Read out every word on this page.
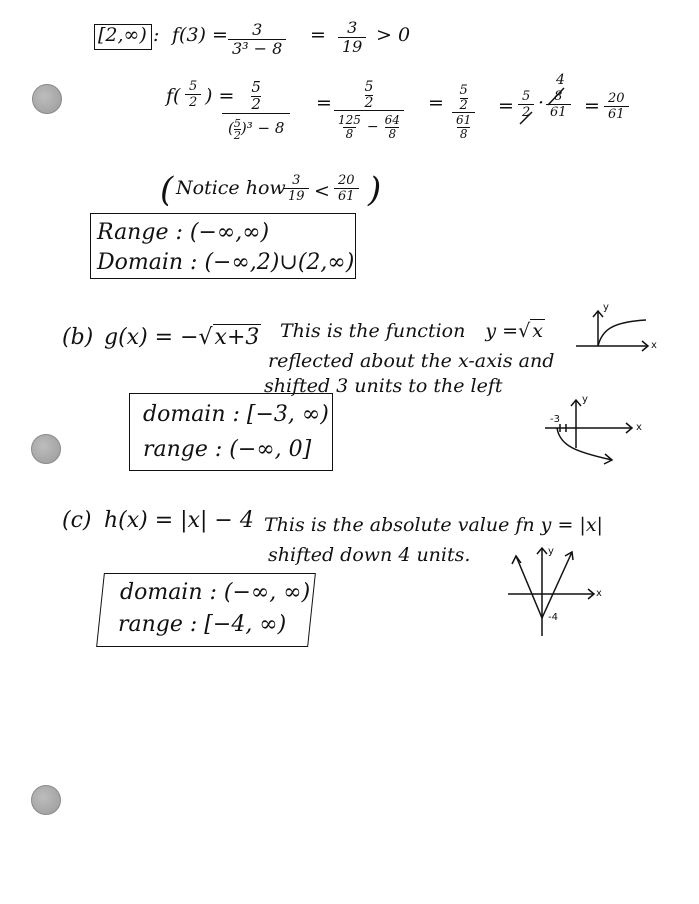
[2,∞) : $f(3) = \frac{3}{\text{3³ − 8}} = \frac{3}{19} > 0$
$f( \frac{5}{2}$ ) =
$\frac{\frac{5}{2}}{( \frac{5}{2} )^3 - 8} = \frac{\frac{5}{2}}{\frac{125}{8} - \frac{64}{8}} = \frac{\frac{5}{2}}{\frac{61}{8}} = \frac{5}{2} \cdot \frac{8}{61}$
4
= $\frac{20}{61}$
( Notice how
$\frac{3}{19} < \frac{20}{61}$ )
Range : (−∞,∞)
Domain : (−∞,2)∪(2,∞)
(b) g(x) = −√x+3 This is the function y =√ x
reflected about the x-axis and
shifted 3 units to the left
y
x
domain : [−3, ∞)
range : (−∞, 0]
-3
y
x
(c) h(x) = |x| − 4 This is the absolute value fn y = |x|
shifted down 4 units.
domain : (−∞, ∞)
range : [−4, ∞)
y
x
-4
